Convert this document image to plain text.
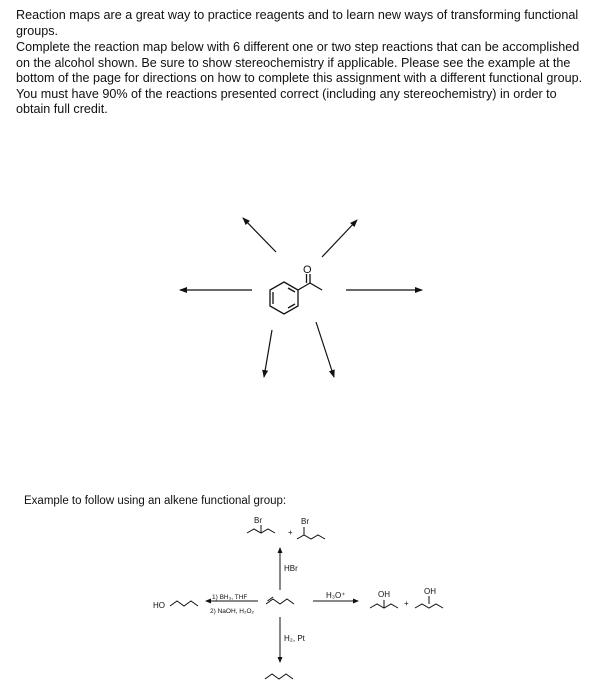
Reaction maps are a great way to practice reagents and to learn new ways of transforming functional groups.

Complete the reaction map below with 6 different one or two step reactions that can be accomplished on the alcohol shown. Be sure to show stereochemistry if applicable. Please see the example at the bottom of the page for directions on how to complete this assignment with a different functional group. You must have 90% of the reactions presented correct (including any stereochemistry) in order to obtain full credit.

O
Example to follow using an alkene functional group:
Br
+
Br
HBr
H₂, Pt
1) BH₃, THF
2) NaOH, H₂O₂
HO
H₃O⁺	OH
+
OH
